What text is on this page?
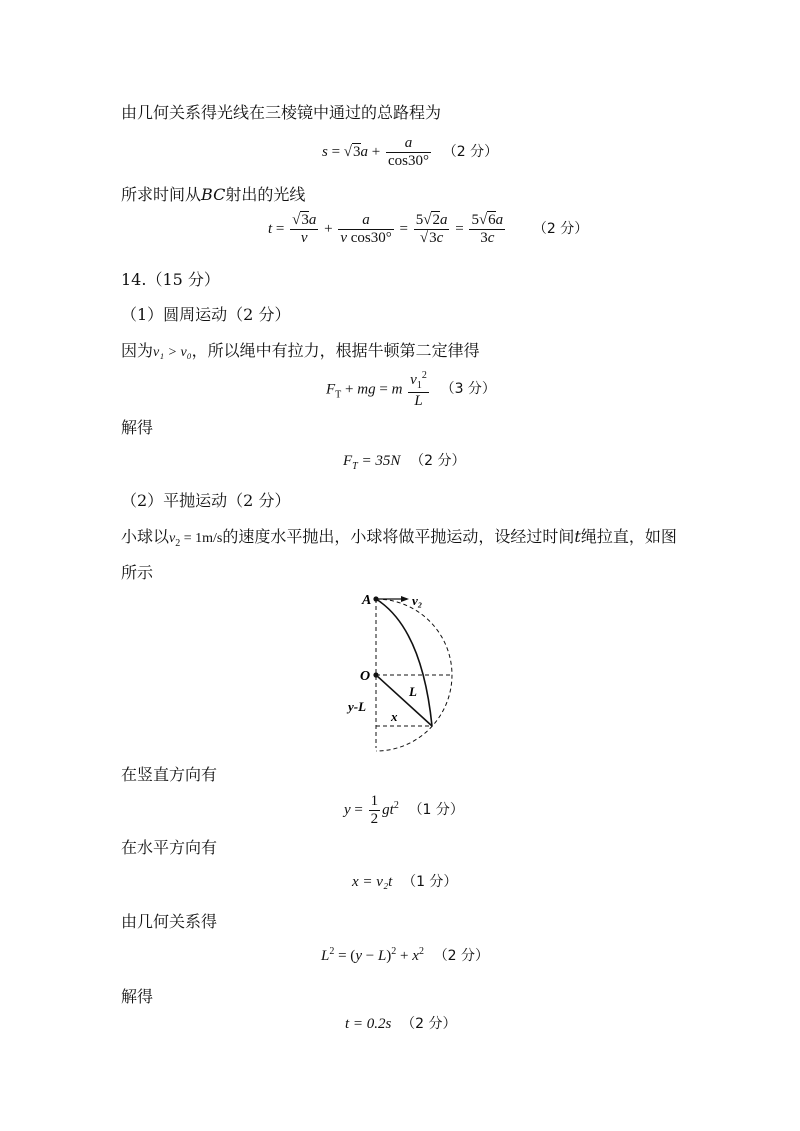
由几何关系得光线在三棱镜中通过的总路程为
$s = √3a + \frac{a}{\cos 30^\circ} (2$ 分）
所求时间从BC射出的光线
$t = \frac{√3a}{v} + \frac{a}{\text{v cos30°}} = \frac{5√2a}{√3c} = \frac{5√6a}{3c} (2$ 分）
14.（15 分）
（1）圆周运动（2 分）
因为v₁ > v₀，所以绳中有拉力，根据牛顿第二定律得
$F_T$ + mg = m $\frac{v_1^2}{L} (3$ 分）
解得
$F_T = 35N$ （2 分）
（2）平抛运动（2 分）
小球以$v_2 = 1m/s$的速度水平抛出，小球将做平抛运动，设经过时间t绳拉直，如图
所示
A	v₂
O
L
y-L
x
在竖直方向有
$y = \frac{1}{2} gt^2$ （1 分）
在水平方向有
x = v₂t （1 分）
由几何关系得
$L^2 = (y - L)^2 + x^2$ （2 分）
解得
t = 0.2s （2 分）
